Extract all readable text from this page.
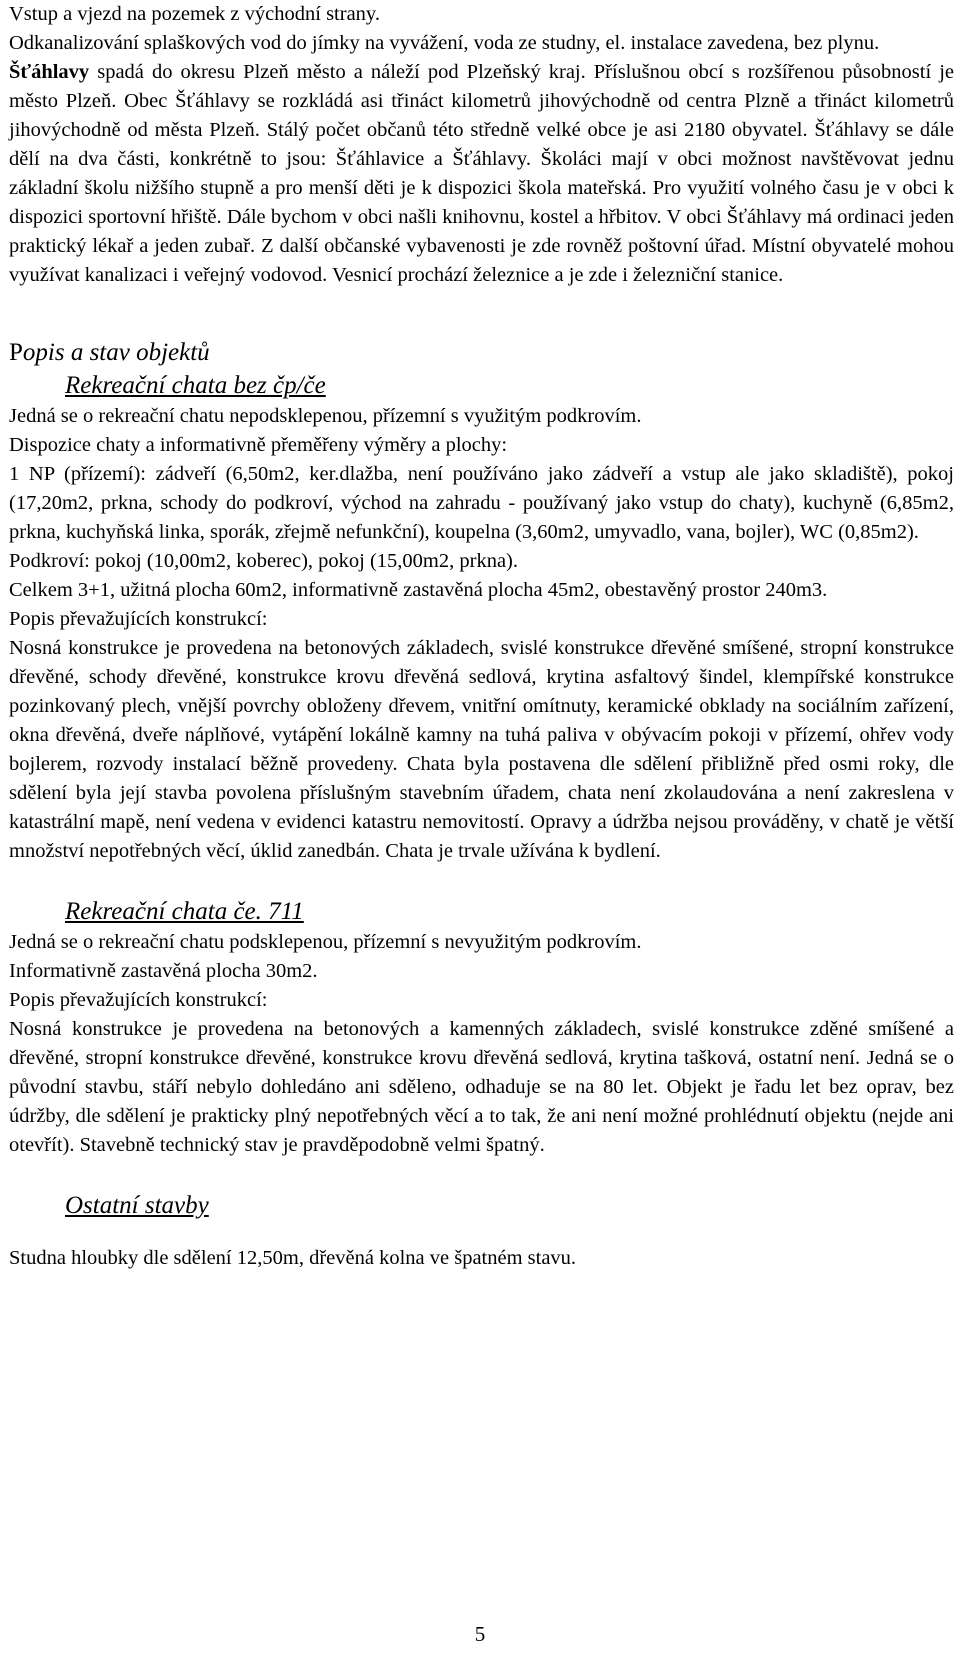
Vstup a vjezd na pozemek z východní strany.

Odkanalizování splaškových vod do jímky na vyvážení, voda ze studny, el. instalace zavedena, bez plynu.

Šťáhlavy spadá do okresu Plzeň město a náleží pod Plzeňský kraj. Příslušnou obcí s rozšířenou působností je město Plzeň. Obec Šťáhlavy se rozkládá asi třináct kilometrů jihovýchodně od centra Plzně a třináct kilometrů jihovýchodně od města Plzeň. Stálý počet občanů této středně velké obce je asi 2180 obyvatel. Šťáhlavy se dále dělí na dva části, konkrétně to jsou: Šťáhlavice a Šťáhlavy. Školáci mají v obci možnost navštěvovat jednu základní školu nižšího stupně a pro menší děti je k dispozici škola mateřská. Pro využití volného času je v obci k dispozici sportovní hřiště. Dále bychom v obci našli knihovnu, kostel a hřbitov. V obci Šťáhlavy má ordinaci jeden praktický lékař a jeden zubař. Z další občanské vybavenosti je zde rovněž poštovní úřad. Místní obyvatelé mohou využívat kanalizaci i veřejný vodovod. Vesnicí prochází železnice a je zde i železniční stanice.

Popis a stav objektů
Rekreační chata bez čp/če

Jedná se o rekreační chatu nepodsklepenou, přízemní s využitým podkrovím.

Dispozice chaty a informativně přeměřeny výměry a plochy:

1 NP (přízemí): zádveří (6,50m2, ker.dlažba, není používáno jako zádveří a vstup ale jako skladiště), pokoj (17,20m2, prkna, schody do podkroví, východ na zahradu - používaný jako vstup do chaty), kuchyně (6,85m2, prkna, kuchyňská linka, sporák, zřejmě nefunkční), koupelna (3,60m2, umyvadlo, vana, bojler), WC (0,85m2).

Podkroví: pokoj (10,00m2, koberec), pokoj (15,00m2, prkna).

Celkem 3+1, užitná plocha 60m2, informativně zastavěná plocha 45m2, obestavěný prostor 240m3.

Popis převažujících konstrukcí:

Nosná konstrukce je provedena na betonových základech, svislé konstrukce dřevěné smíšené, stropní konstrukce dřevěné, schody dřevěné, konstrukce krovu dřevěná sedlová, krytina asfaltový šindel, klempířské konstrukce pozinkovaný plech, vnější povrchy obloženy dřevem, vnitřní omítnuty, keramické obklady na sociálním zařízení, okna dřevěná, dveře náplňové, vytápění lokálně kamny na tuhá paliva v obývacím pokoji v přízemí, ohřev vody bojlerem, rozvody instalací běžně provedeny. Chata byla postavena dle sdělení přibližně před osmi roky, dle sdělení byla její stavba povolena příslušným stavebním úřadem, chata není zkolaudována a není zakreslena v katastrální mapě, není vedena v evidenci katastru nemovitostí. Opravy a údržba nejsou prováděny, v chatě je větší množství nepotřebných věcí, úklid zanedbán. Chata je trvale užívána k bydlení.

Rekreační chata če. 711

Jedná se o rekreační chatu podsklepenou, přízemní s nevyužitým podkrovím.

Informativně zastavěná plocha 30m2.

Popis převažujících konstrukcí:

Nosná konstrukce je provedena na betonových a kamenných základech, svislé konstrukce zděné smíšené a dřevěné, stropní konstrukce dřevěné, konstrukce krovu dřevěná sedlová, krytina tašková, ostatní není. Jedná se o původní stavbu, stáří nebylo dohledáno ani sděleno, odhaduje se na 80 let. Objekt je řadu let bez oprav, bez údržby, dle sdělení je prakticky plný nepotřebných věcí a to tak, že ani není možné prohlédnutí objektu (nejde ani otevřít). Stavebně technický stav je pravděpodobně velmi špatný.

Ostatní stavby

Studna hloubky dle sdělení 12,50m, dřevěná kolna ve špatném stavu.

5
